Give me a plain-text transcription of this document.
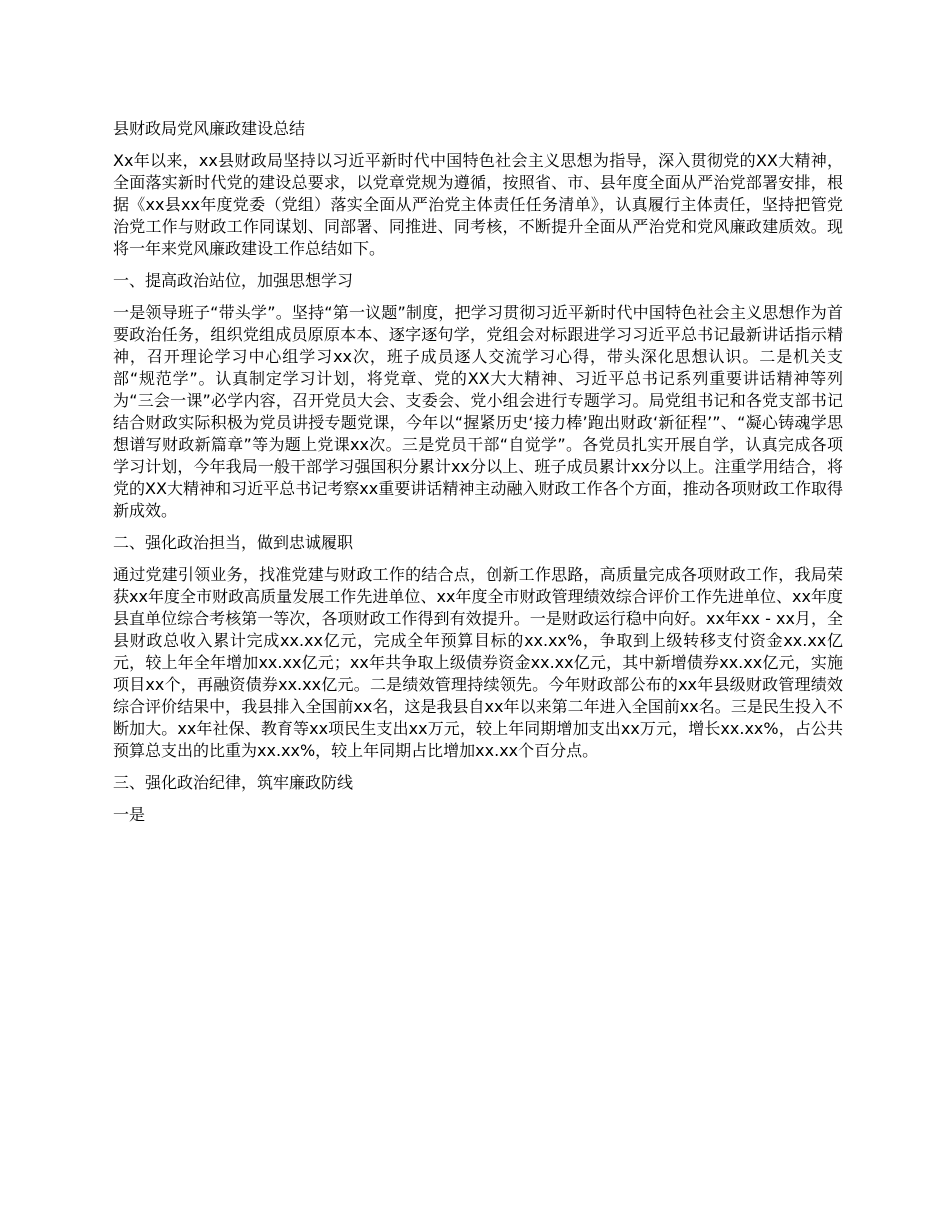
县财政局党风廉政建设总结
Xx年以来，xx县财政局坚持以习近平新时代中国特色社会主义思想为指导，深入贯彻党的XX大精神，全面落实新时代党的建设总要求，以党章党规为遵循，按照省、市、县年度全面从严治党部署安排，根据《xx县xx年度党委（党组）落实全面从严治党主体责任任务清单》，认真履行主体责任，坚持把管党治党工作与财政工作同谋划、同部署、同推进、同考核，不断提升全面从严治党和党风廉政建质效。现将一年来党风廉政建设工作总结如下。
一、提高政治站位，加强思想学习
一是领导班子“带头学”。坚持“第一议题”制度，把学习贯彻习近平新时代中国特色社会主义思想作为首要政治任务，组织党组成员原原本本、逐字逐句学，党组会对标跟进学习习近平总书记最新讲话指示精神，召开理论学习中心组学习xx次，班子成员逐人交流学习心得，带头深化思想认识。二是机关支部“规范学”。认真制定学习计划，将党章、党的XX大大精神、习近平总书记系列重要讲话精神等列为“三会一课”必学内容，召开党员大会、支委会、党小组会进行专题学习。局党组书记和各党支部书记结合财政实际积极为党员讲授专题党课，今年以“握紧历史‘接力棒’跑出财政‘新征程’”、“凝心铸魂学思想谱写财政新篇章”等为题上党课xx次。三是党员干部“自觉学”。各党员扎实开展自学，认真完成各项学习计划，今年我局一般干部学习强国积分累计xx分以上、班子成员累计xx分以上。注重学用结合，将党的XX大精神和习近平总书记考察xx重要讲话精神主动融入财政工作各个方面，推动各项财政工作取得新成效。
二、强化政治担当，做到忠诚履职
通过党建引领业务，找准党建与财政工作的结合点，创新工作思路，高质量完成各项财政工作，我局荣获xx年度全市财政高质量发展工作先进单位、xx年度全市财政管理绩效综合评价工作先进单位、xx年度县直单位综合考核第一等次，各项财政工作得到有效提升。一是财政运行稳中向好。xx年xx - xx月，全县财政总收入累计完成xx.xx亿元，完成全年预算目标的xx.xx%，争取到上级转移支付资金xx.xx亿元，较上年全年增加xx.xx亿元；xx年共争取上级债券资金xx.xx亿元，其中新增债券xx.xx亿元，实施项目xx个，再融资债券xx.xx亿元。二是绩效管理持续领先。今年财政部公布的xx年县级财政管理绩效综合评价结果中，我县排入全国前xx名，这是我县自xx年以来第二年进入全国前xx名。三是民生投入不断加大。xx年社保、教育等xx项民生支出xx万元，较上年同期增加支出xx万元，增长xx.xx%，占公共预算总支出的比重为xx.xx%，较上年同期占比增加xx.xx个百分点。
三、强化政治纪律，筑牢廉政防线
一是
